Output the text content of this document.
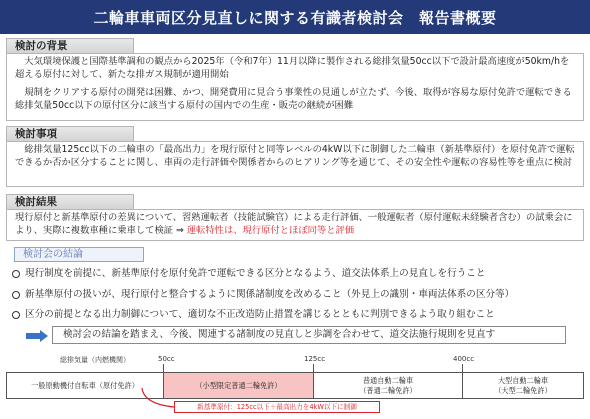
二輪車車両区分見直しに関する有識者検討会　報告書概要
検討の背景

大気環境保護と国際基準調和の観点から2025年（令和7年）11月以降に製作される総排気量50cc以下で設計最高速度が50km/hを超える原付に対して、新たな排ガス規制が適用開始

規制をクリアする原付の開発は困難、かつ、開発費用に見合う事業性の見通しが立たず、今後、取得が容易な原付免許で運転できる総排気量50cc以下の原付区分に該当する原付の国内での生産・販売の継続が困難

検討事項

総排気量125cc以下の二輪車の「最高出力」を現行原付と同等レベルの4kW以下に制御した二輪車（新基準原付）を原付免許で運転できるか否か区分することに関し、車両の走行評価や関係者からのヒアリング等を通じて、その安全性や運転の容易性等を重点に検討

検討結果

現行原付と新基準原付の差異について、習熟運転者（技能試験官）による走行評価、一般運転者（原付運転未経験者含む）の試乗会により、実際に複数車種に乗車して検証 ⇒ 運転特性は、現行原付とほぼ同等と評価

検討会の結論
現行制度を前提に、新基準原付を原付免許で運転できる区分となるよう、道交法体系上の見直しを行うこと
新基準原付の扱いが、現行原付と整合するように関係諸制度を改めること（外見上の識別・車両法体系の区分等）
区分の前提となる出力制御について、適切な不正改造防止措置を講じるとともに判別できるよう取り組むこと
検討会の結論を踏まえ、今後、関連する諸制度の見直しと歩調を合わせて、道交法施行規則を見直す
総排気量（内燃機関）	50cc	125cc	400cc
一般原動機付自転車（原付免許）	（小型限定普通二輪免許）
普通自動二輪車
（普通二輪免許）
大型自動二輪車
（大型二輪免許）
新基準原付：125cc以下＋最高出力を4kW以下に制御
